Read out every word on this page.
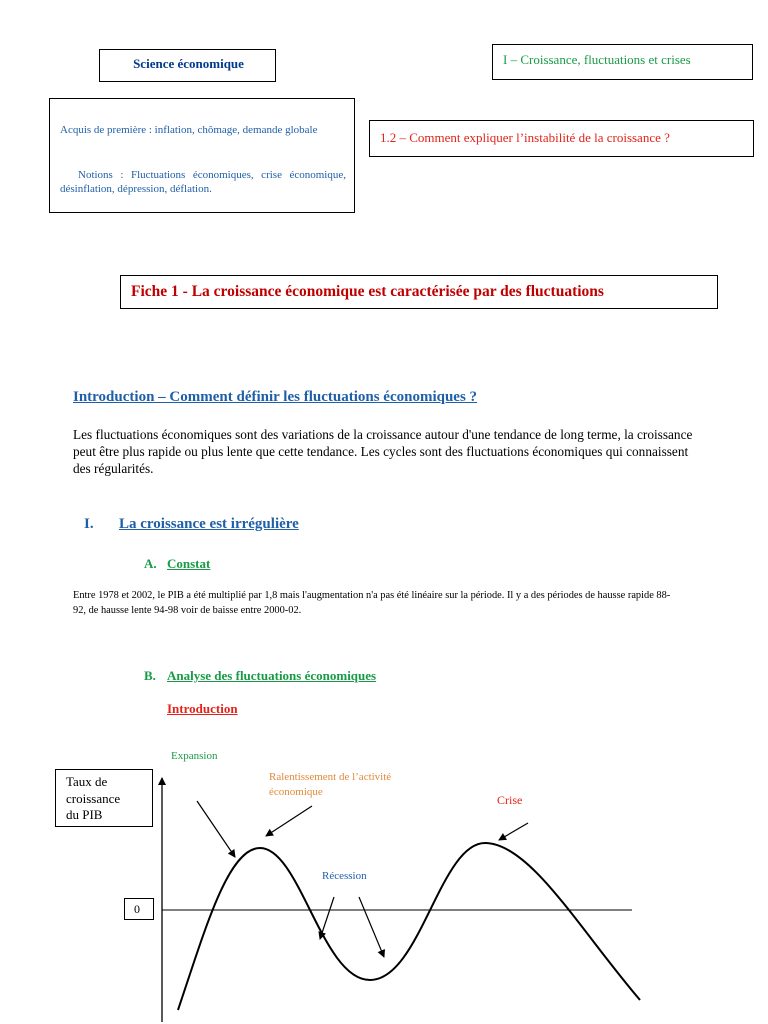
Science économique	I – Croissance, fluctuations et crises
Acquis de première : inflation, chômage, demande globale
Notions : Fluctuations économiques, crise économique, désinflation, dépression, déflation.
1.2 – Comment expliquer l’instabilité de la croissance ?
Fiche 1 - La croissance économique est caractérisée par des fluctuations
Introduction – Comment définir les fluctuations économiques ?
Les fluctuations économiques sont des variations de la croissance autour d'une tendance de long terme, la croissance peut être plus rapide ou plus lente que cette tendance. Les cycles sont des fluctuations économiques qui connaissent des régularités.
I. La croissance est irrégulière
A. Constat
Entre 1978 et 2002, le PIB a été multiplié par 1,8 mais l'augmentation n'a pas été linéaire sur la période. Il y a des périodes de hausse rapide 88-92, de hausse lente 94-98 voir de baisse entre 2000-02.
B. Analyse des fluctuations économiques
Introduction
Taux de
croissance
du PIB
0
Expansion
Ralentissement de l’activité
économique
Crise
Récession
